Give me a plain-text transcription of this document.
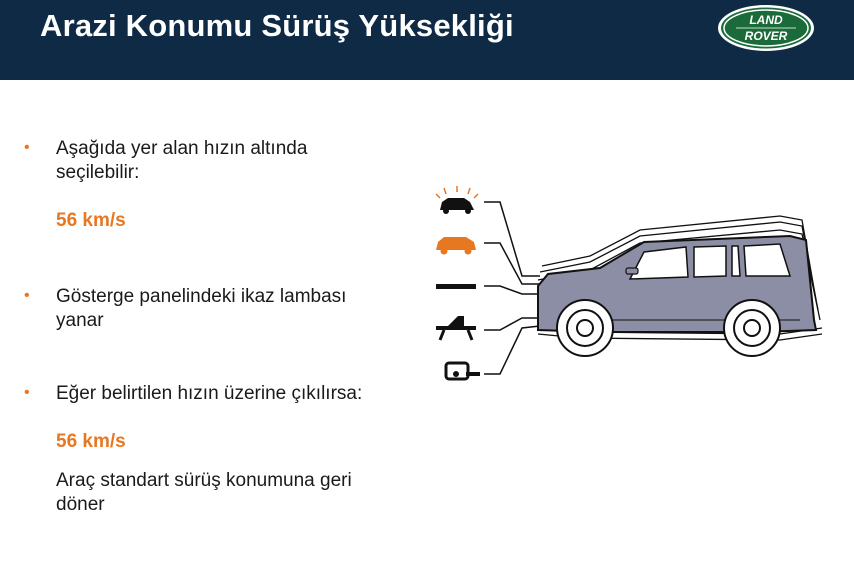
Arazi Konumu Sürüş Yüksekliği	LAND
ROVER
• Aşağıda yer alan hızın altında
seçilebilir:
56 km/s
• Gösterge panelindeki ikaz lambası
yanar
• Eğer belirtilen hızın üzerine çıkılırsa:
56 km/s
Araç standart sürüş konumuna geri
döner
